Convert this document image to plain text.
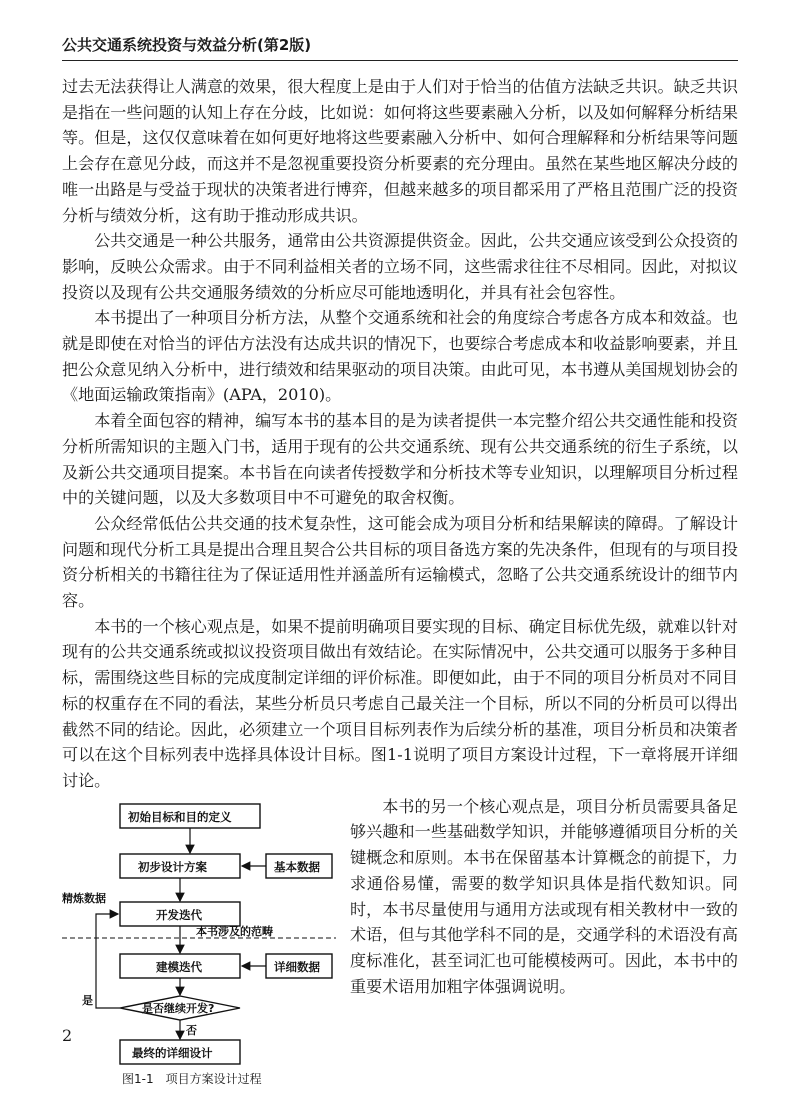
公共交通系统投资与效益分析(第2版)

过去无法获得让人满意的效果，很大程度上是由于人们对于恰当的估值方法缺乏共识。缺乏共识是指在一些问题的认知上存在分歧，比如说：如何将这些要素融入分析，以及如何解释分析结果等。但是，这仅仅意味着在如何更好地将这些要素融入分析中、如何合理解释和分析结果等问题上会存在意见分歧，而这并不是忽视重要投资分析要素的充分理由。虽然在某些地区解决分歧的唯一出路是与受益于现状的决策者进行博弈，但越来越多的项目都采用了严格且范围广泛的投资分析与绩效分析，这有助于推动形成共识。

公共交通是一种公共服务，通常由公共资源提供资金。因此，公共交通应该受到公众投资的影响，反映公众需求。由于不同利益相关者的立场不同，这些需求往往不尽相同。因此，对拟议投资以及现有公共交通服务绩效的分析应尽可能地透明化，并具有社会包容性。

本书提出了一种项目分析方法，从整个交通系统和社会的角度综合考虑各方成本和效益。也就是即使在对恰当的评估方法没有达成共识的情况下，也要综合考虑成本和收益影响要素，并且把公众意见纳入分析中，进行绩效和结果驱动的项目决策。由此可见，本书遵从美国规划协会的《地面运输政策指南》(APA，2010)。

本着全面包容的精神，编写本书的基本目的是为读者提供一本完整介绍公共交通性能和投资分析所需知识的主题入门书，适用于现有的公共交通系统、现有公共交通系统的衍生子系统，以及新公共交通项目提案。本书旨在向读者传授数学和分析技术等专业知识，以理解项目分析过程中的关键问题，以及大多数项目中不可避免的取舍权衡。

公众经常低估公共交通的技术复杂性，这可能会成为项目分析和结果解读的障碍。了解设计问题和现代分析工具是提出合理且契合公共目标的项目备选方案的先决条件，但现有的与项目投资分析相关的书籍往往为了保证适用性并涵盖所有运输模式，忽略了公共交通系统设计的细节内容。

本书的一个核心观点是，如果不提前明确项目要实现的目标、确定目标优先级，就难以针对现有的公共交通系统或拟议投资项目做出有效结论。在实际情况中，公共交通可以服务于多种目标，需围绕这些目标的完成度制定详细的评价标准。即便如此，由于不同的项目分析员对不同目标的权重存在不同的看法，某些分析员只考虑自己最关注一个目标，所以不同的分析员可以得出截然不同的结论。因此，必须建立一个项目目标列表作为后续分析的基准，项目分析员和决策者可以在这个目标列表中选择具体设计目标。图1-1说明了项目方案设计过程，下一章将展开详细讨论。

初始目标和目的定义
初步设计方案	基本数据
开发迭代
精炼数据
本书涉及的范畴
建模迭代	详细数据
是否继续开发?
是
否
最终的详细设计
图1-1　项目方案设计过程

本书的另一个核心观点是，项目分析员需要具备足够兴趣和一些基础数学知识，并能够遵循项目分析的关键概念和原则。本书在保留基本计算概念的前提下，力求通俗易懂，需要的数学知识具体是指代数知识。同时，本书尽量使用与通用方法或现有相关教材中一致的术语，但与其他学科不同的是，交通学科的术语没有高度标准化，甚至词汇也可能模棱两可。因此，本书中的重要术语用加粗字体强调说明。

2
